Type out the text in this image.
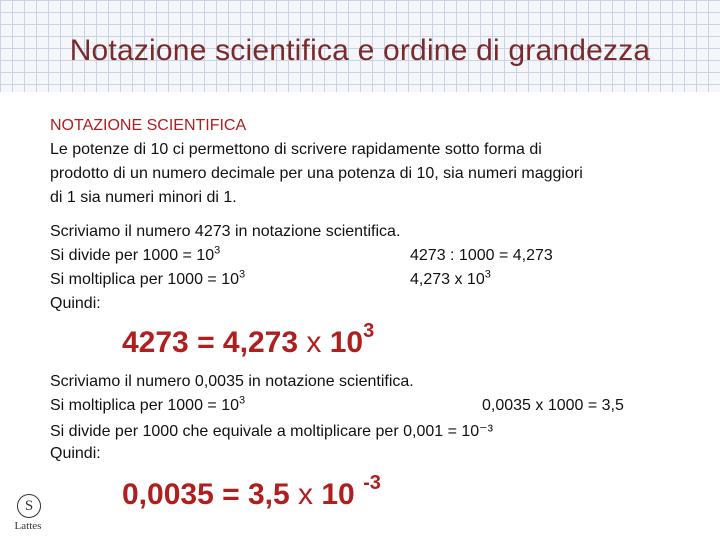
Notazione scientifica e ordine di grandezza
NOTAZIONE SCIENTIFICA
Le potenze di 10 ci permettono di scrivere rapidamente sotto forma di
prodotto di un numero decimale per una potenza di 10, sia numeri maggiori
di 1 sia numeri minori di 1.
Scriviamo il numero 4273 in notazione scientifica.
Si divide per $1000 = 10^3$	4273 : 1000 = 4,273
Si moltiplica per $1000 = 10^3$	4,273 x $10^3$
Quindi:
4273 = 4,273 x $10^3$
Scriviamo il numero 0,0035 in notazione scientifica.
Si moltiplica per $1000 = 10^3$	0,0035 x 1000 = 3,5
Si divide per 1000 che equivale a moltiplicare per 0,001 = 10⁻³
Quindi:
0,0035 = 3,5 x 10 $^{-3}$
S
Lattes
